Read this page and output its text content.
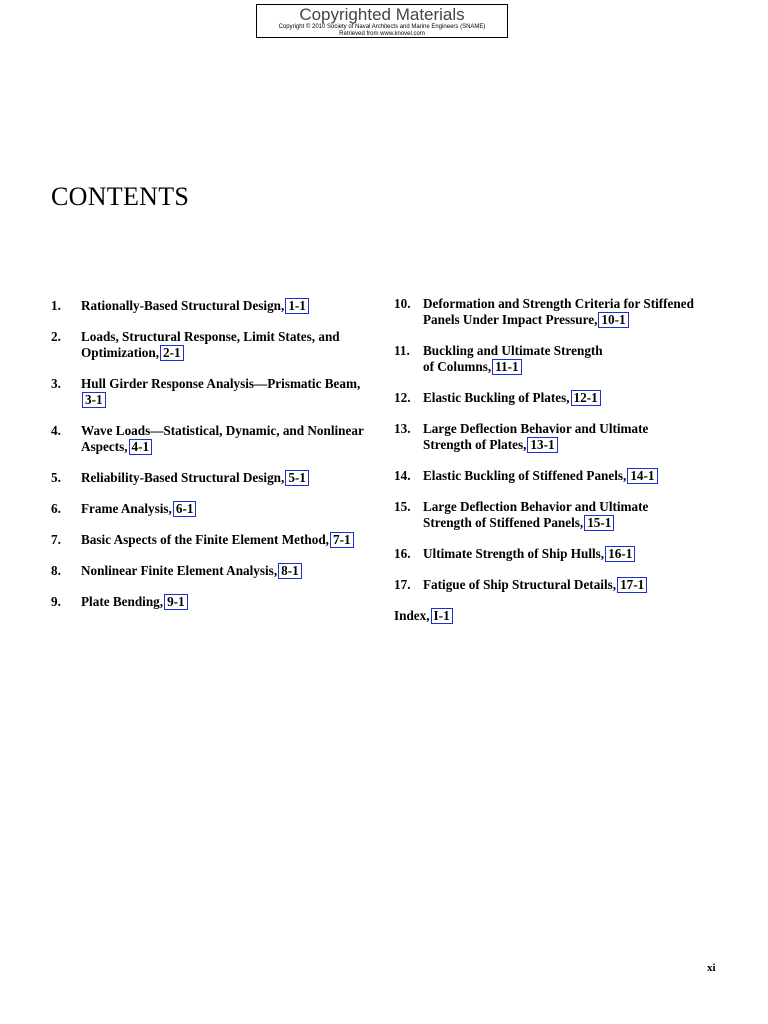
Copyrighted Materials
Copyright © 2010 Society of Naval Architects and Marine Engineers (SNAME)
Retrieved from www.knovel.com
CONTENTS
1.	Rationally-Based Structural Design, 1-1
2.	Loads, Structural Response, Limit States, and Optimization, 2-1
3.	Hull Girder Response Analysis—Prismatic Beam,3-1
4.	Wave Loads—Statistical, Dynamic, and Nonlinear Aspects, 4-1
5.	Reliability-Based Structural Design, 5-1
6.	Frame Analysis, 6-1
7.	Basic Aspects of the Finite Element Method, 7-1
8.	Nonlinear Finite Element Analysis, 8-1
9.	Plate Bending, 9-1
10. Deformation and Strength Criteria for Stiffened Panels Under Impact Pressure, 10-1
11.	Buckling and Ultimate Strength of Columns, 11-1
12. Elastic Buckling of Plates, 12-1
13. Large Deflection Behavior and Ultimate Strength of Plates, 13-1
14. Elastic Buckling of Stiffened Panels, 14-1
15. Large Deflection Behavior and Ultimate Strength of Stiffened Panels, 15-1
16. Ultimate Strength of Ship Hulls, 16-1
17. Fatigue of Ship Structural Details, 17-1
Index, I-1
xi
